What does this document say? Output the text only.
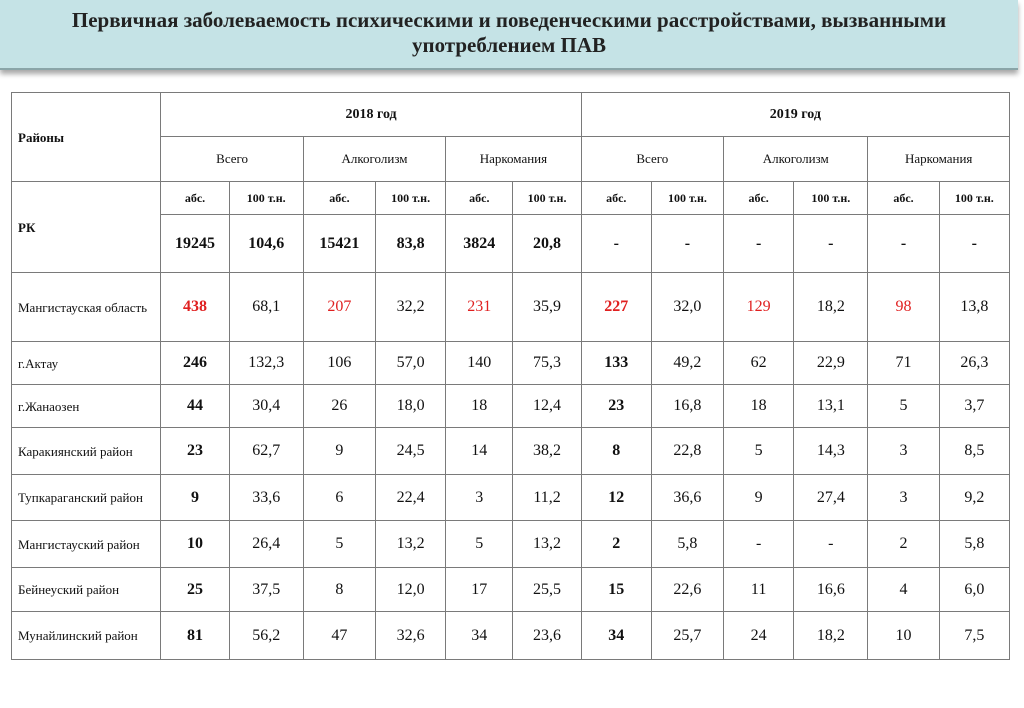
Первичная заболеваемость психическими и поведенческими расстройствами, вызванными употреблением ПАВ
Районы	2018 год						2019 год					
	Всего		Алкоголизм		Наркомания		Всего		Алкоголизм		Наркомания	
РК	абс.	100 т.н.	абс.	100 т.н.	абс.	100 т.н.	абс.	100 т.н.	абс.	100 т.н.	абс.	100 т.н.
	19245	104,6	15421	83,8	3824	20,8	-	-	-	-	-	-
Мангистауская область	438	68,1	207	32,2	231	35,9	227	32,0	129	18,2	98	13,8
г.Актау	246	132,3	106	57,0	140	75,3	133	49,2	62	22,9	71	26,3
г.Жанаозен	44	30,4	26	18,0	18	12,4	23	16,8	18	13,1	5	3,7
Каракиянский район	23	62,7	9	24,5	14	38,2	8	22,8	5	14,3	3	8,5
Тупкараганский район	9	33,6	6	22,4	3	11,2	12	36,6	9	27,4	3	9,2
Мангистауский район	10	26,4	5	13,2	5	13,2	2	5,8	-	-	2	5,8
Бейнеуский район	25	37,5	8	12,0	17	25,5	15	22,6	11	16,6	4	6,0
Мунайлинский район	81	56,2	47	32,6	34	23,6	34	25,7	24	18,2	10	7,5
